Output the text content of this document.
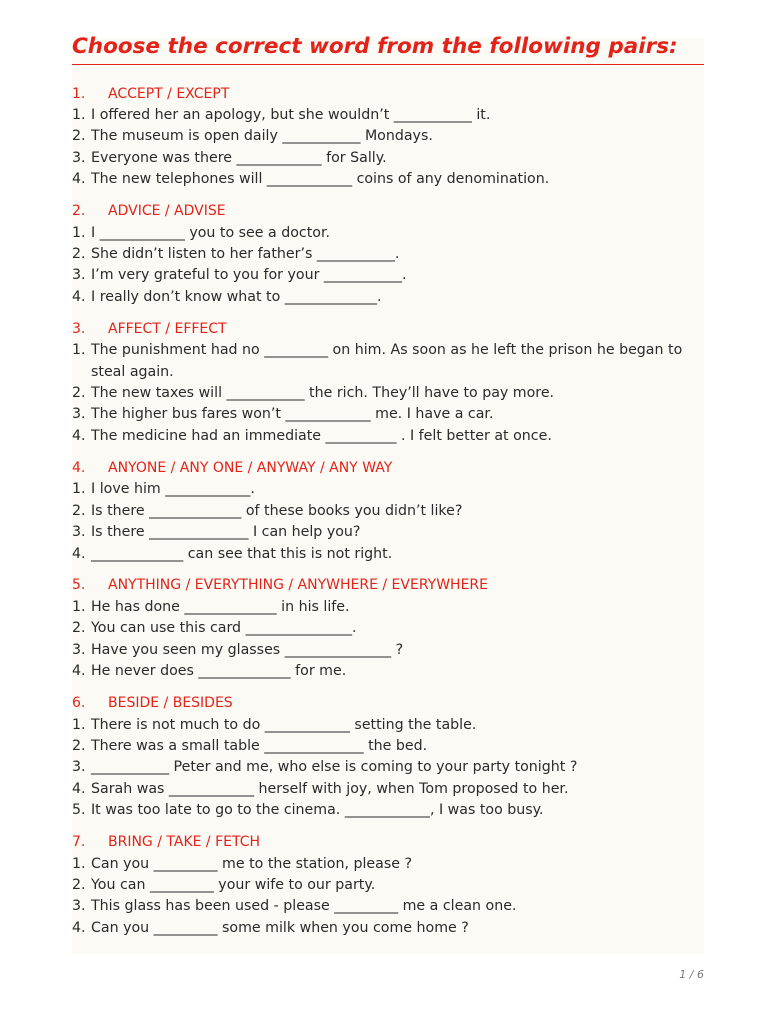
Choose the correct word from the following pairs:
1.	ACCEPT / EXCEPT
1. I offered her an apology, but she wouldn’t ___________ it.
2. The museum is open daily ___________ Mondays.
3. Everyone was there ____________ for Sally.
4. The new telephones will ____________ coins of any denomination.
2.	ADVICE / ADVISE
1. I ____________ you to see a doctor.
2. She didn’t listen to her father’s ___________.
3. I’m very grateful to you for your ___________.
4. I really don’t know what to _____________.
3.	AFFECT / EFFECT
1. The punishment had no _________ on him. As soon as he left the prison he began to steal again.
2. The new taxes will ___________ the rich. They’ll have to pay more.
3. The higher bus fares won’t ____________ me. I have a car.
4. The medicine had an immediate __________ . I felt better at once.
4.	ANYONE / ANY ONE / ANYWAY / ANY WAY
1. I love him ____________.
2. Is there _____________ of these books you didn’t like?
3. Is there ______________ I can help you?
4. _____________ can see that this is not right.
5.	ANYTHING / EVERYTHING / ANYWHERE / EVERYWHERE
1. He has done _____________ in his life.
2. You can use this card _______________.
3. Have you seen my glasses _______________ ?
4. He never does _____________ for me.
6.	BESIDE / BESIDES
1. There is not much to do ____________ setting the table.
2. There was a small table ______________ the bed.
3. ___________ Peter and me, who else is coming to your party tonight ?
4. Sarah was ____________ herself with joy, when Tom proposed to her.
5. It was too late to go to the cinema. ____________, I was too busy.
7.	BRING / TAKE / FETCH
1. Can you _________ me to the station, please ?
2. You can _________ your wife to our party.
3. This glass has been used - please _________ me a clean one.
4. Can you _________ some milk when you come home ?
1 / 6
